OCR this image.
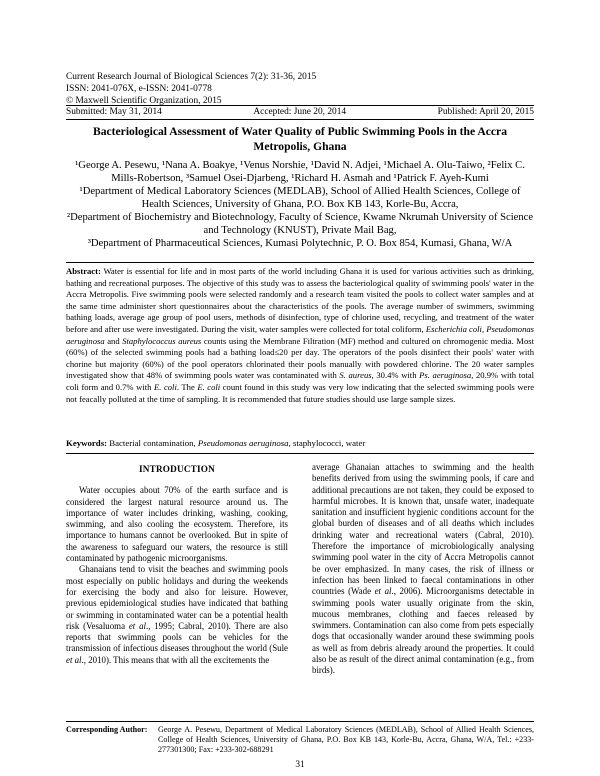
Current Research Journal of Biological Sciences 7(2): 31-36, 2015
ISSN: 2041-076X, e-ISSN: 2041-0778
© Maxwell Scientific Organization, 2015
Submitted: May 31, 2014	Accepted: June 20, 2014	Published: April 20, 2015
Bacteriological Assessment of Water Quality of Public Swimming Pools in the Accra Metropolis, Ghana

¹George A. Pesewu, ¹Nana A. Boakye, ¹Venus Norshie, ¹David N. Adjei, ¹Michael A. Olu-Taiwo, ²Felix C. Mills-Robertson, ³Samuel Osei-Djarbeng, ¹Richard H. Asmah and ¹Patrick F. Ayeh-Kumi

¹Department of Medical Laboratory Sciences (MEDLAB), School of Allied Health Sciences, College of Health Sciences, University of Ghana, P.O. Box KB 143, Korle-Bu, Accra,

²Department of Biochemistry and Biotechnology, Faculty of Science, Kwame Nkrumah University of Science and Technology (KNUST), Private Mail Bag,

³Department of Pharmaceutical Sciences, Kumasi Polytechnic, P. O. Box 854, Kumasi, Ghana, W/A

Abstract: Water is essential for life and in most parts of the world including Ghana it is used for various activities such as drinking, bathing and recreational purposes. The objective of this study was to assess the bacteriological quality of swimming pools' water in the Accra Metropolis. Five swimming pools were selected randomly and a research team visited the pools to collect water samples and at the same time administer short questionnaires about the characteristics of the pools. The average number of swimmers, swimming bathing loads, average age group of pool users, methods of disinfection, type of chlorine used, recycling, and treatment of the water before and after use were investigated. During the visit, water samples were collected for total coliform, Escherichia coli, Pseudomonas aeruginosa and Staphylococcus aureus counts using the Membrane Filtration (MF) method and cultured on chromogenic media. Most (60%) of the selected swimming pools had a bathing load≤20 per day. The operators of the pools disinfect their pools' water with chorine but majority (60%) of the pool operators chlorinated their pools manually with powdered chlorine. The 20 water samples investigated show that 48% of swimming pools water was contaminated with S. aureus, 30.4% with Ps. aeruginosa, 20.9% with total coli form and 0.7% with E. coli. The E. coli count found in this study was very low indicating that the selected swimming pools were not feacally polluted at the time of sampling. It is recommended that future studies should use large sample sizes.

Keywords: Bacterial contamination, Pseudomonas aeruginosa, staphylococci, water

INTRODUCTION

Water occupies about 70% of the earth surface and is considered the largest natural resource around us. The importance of water includes drinking, washing, cooking, swimming, and also cooling the ecosystem. Therefore, its importance to humans cannot be overlooked. But in spite of the awareness to safeguard our waters, the resource is still contaminated by pathogenic microorganisms.

Ghanaians tend to visit the beaches and swimming pools most especially on public holidays and during the weekends for exercising the body and also for leisure. However, previous epidemiological studies have indicated that bathing or swimming in contaminated water can be a potential health risk (Vesaluoma et al., 1995; Cabral, 2010). There are also reports that swimming pools can be vehicles for the transmission of infectious diseases throughout the world (Sule et al., 2010). This means that with all the excitements the

average Ghanaian attaches to swimming and the health benefits derived from using the swimming pools, if care and additional precautions are not taken, they could be exposed to harmful microbes. It is known that, unsafe water, inadequate sanitation and insufficient hygienic conditions account for the global burden of diseases and of all deaths which includes drinking water and recreational waters (Cabral, 2010). Therefore the importance of microbiologically analysing swimming pool water in the city of Accra Metropolis cannot be over emphasized. In many cases, the risk of illness or infection has been linked to faecal contaminations in other countries (Wade et al., 2006). Microorganisms detectable in swimming pools water usually originate from the skin, mucous membranes, clothing and faeces released by swimmers. Contamination can also come from pets especially dogs that occasionally wander around these swimming pools as well as from debris already around the properties. It could also be as result of the direct animal contamination (e.g., from birds).

Corresponding Author:	George A. Pesewu, Department of Medical Laboratory Sciences (MEDLAB), School of Allied Health Sciences, College of Health Sciences, University of Ghana, P.O. Box KB 143, Korle-Bu, Accra, Ghana, W/A, Tel.: +233-277301300; Fax: +233-302-688291
31
